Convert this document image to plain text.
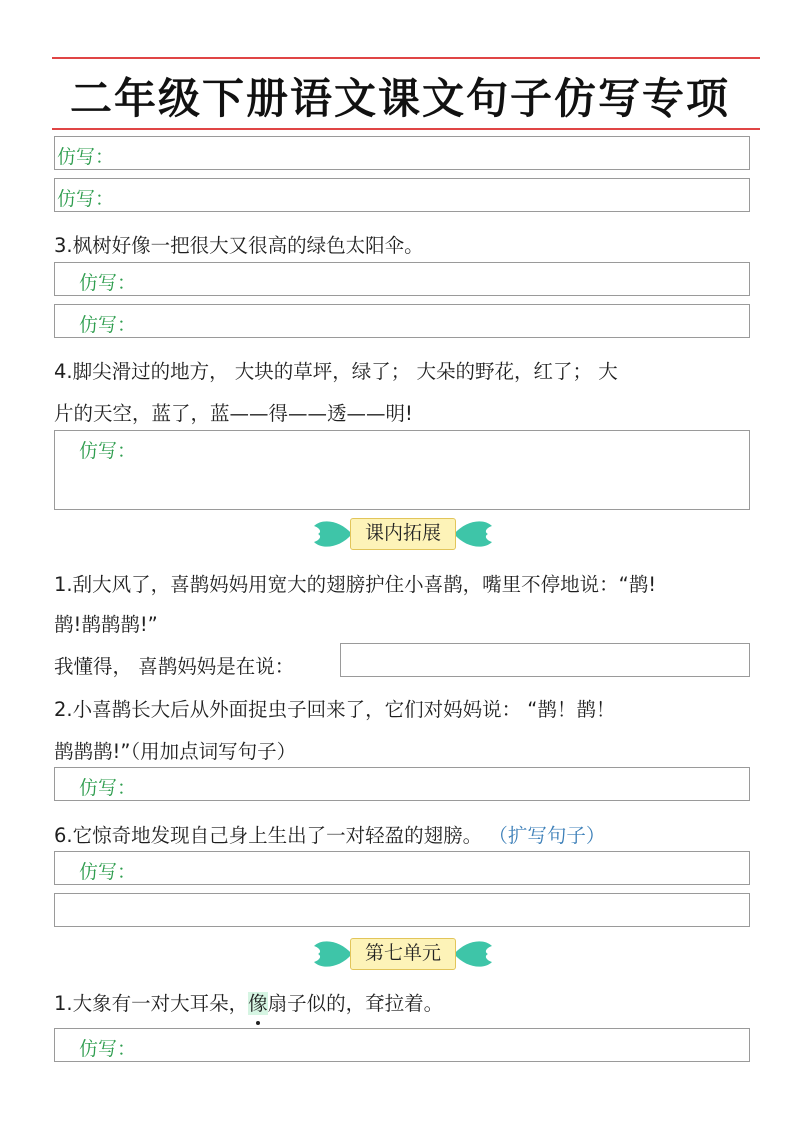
二年级下册语文课文句子仿写专项
仿写：
仿写：
3.枫树好像一把很大又很高的绿色太阳伞。
仿写：
仿写：
4.脚尖滑过的地方， 大块的草坪，绿了； 大朵的野花，红了； 大
片的天空，蓝了，蓝——得——透——明!
仿写：
课内拓展
1.刮大风了，喜鹊妈妈用宽大的翅膀护住小喜鹊，嘴里不停地说：“鹊!
鹊!鹊鹊鹊!”
我懂得， 喜鹊妈妈是在说：
2.小喜鹊长大后从外面捉虫子回来了，它们对妈妈说： “鹊！鹊！
鹊鹊鹊!”（用加点词写句子）
仿写：
6.它惊奇地发现自己身上生出了一对轻盈的翅膀。 （扩写句子）
仿写：
第七单元
1.大象有一对大耳朵，像
扇子似的，耷拉着。
仿写：
